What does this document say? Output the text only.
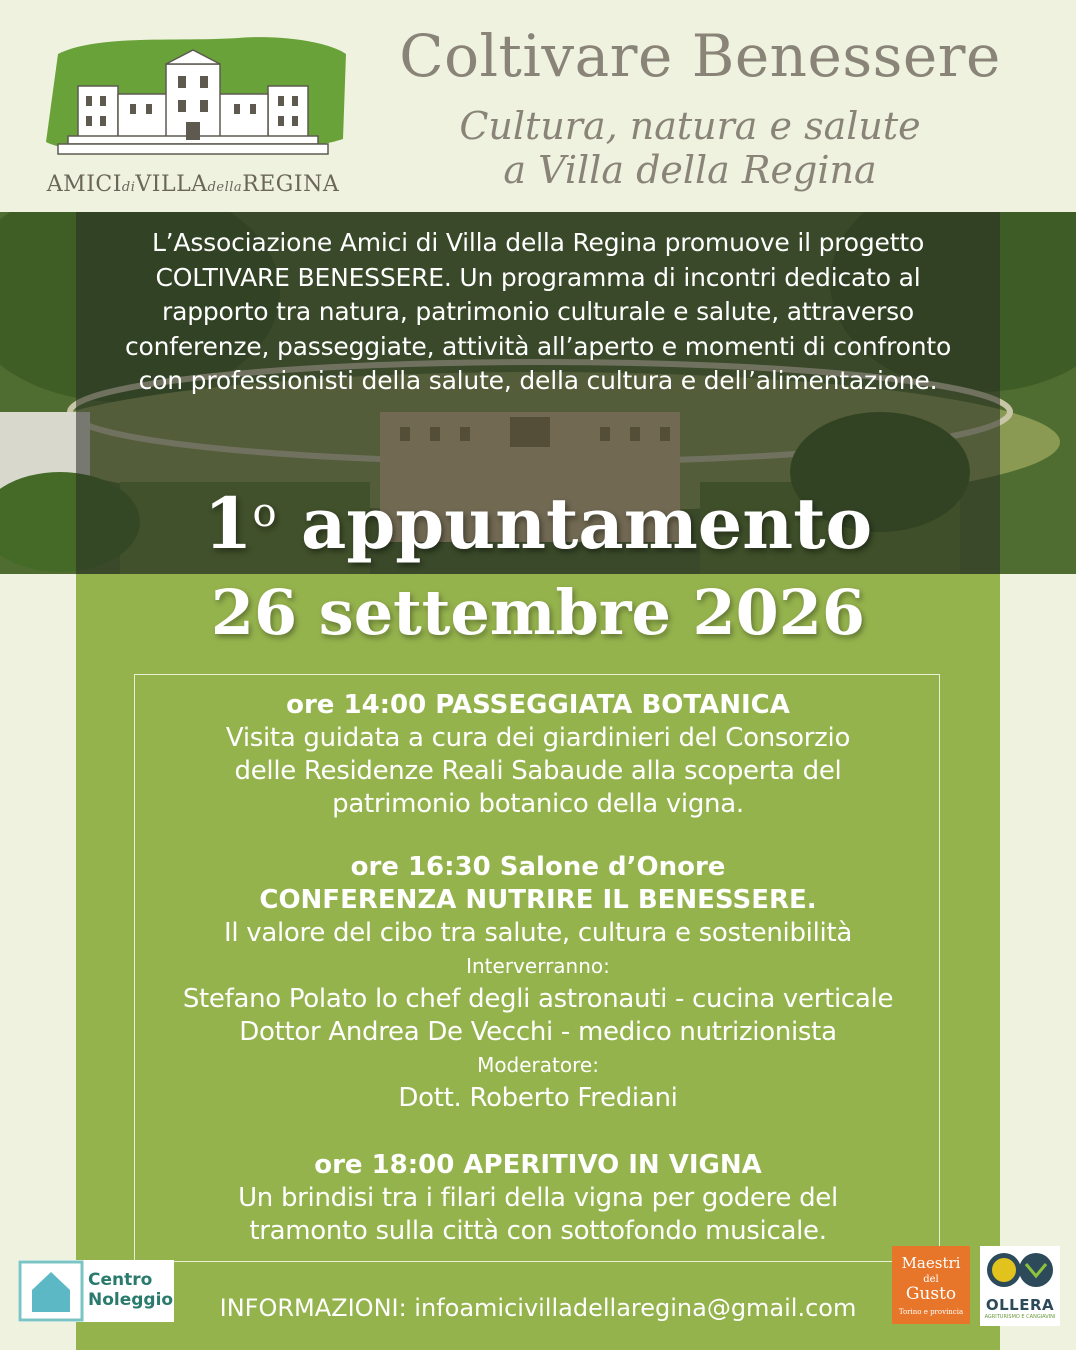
AMICIdiVILLAdellaREGINA
Coltivare Benessere
Cultura, natura e salute
a Villa della Regina
L’Associazione Amici di Villa della Regina promuove il progetto
COLTIVARE BENESSERE. Un programma di incontri dedicato al
rapporto tra natura, patrimonio culturale e salute, attraverso
conferenze, passeggiate, attività all’aperto e momenti di confronto
con professionisti della salute, della cultura e dell’alimentazione.
1$^o$ appuntamento
26 settembre 2026
ore 14:00 PASSEGGIATA BOTANICA
Visita guidata a cura dei giardinieri del Consorzio
delle Residenze Reali Sabaude alla scoperta del
patrimonio botanico della vigna.
ore 16:30 Salone d’Onore
CONFERENZA NUTRIRE IL BENESSERE.
Il valore del cibo tra salute, cultura e sostenibilità
Interverranno:
Stefano Polato lo chef degli astronauti - cucina verticale
Dottor Andrea De Vecchi - medico nutrizionista
Moderatore:
Dott. Roberto Frediani
ore 18:00 APERITIVO IN VIGNA
Un brindisi tra i filari della vigna per godere del
tramonto sulla città con sottofondo musicale.
Centro
Noleggio	INFORMAZIONI: infoamicivilladellaregina@gmail.com
Maestri
del
Gusto
Torino e provincia	OLLERA
AGRITURISMO E CANGIAVINI
